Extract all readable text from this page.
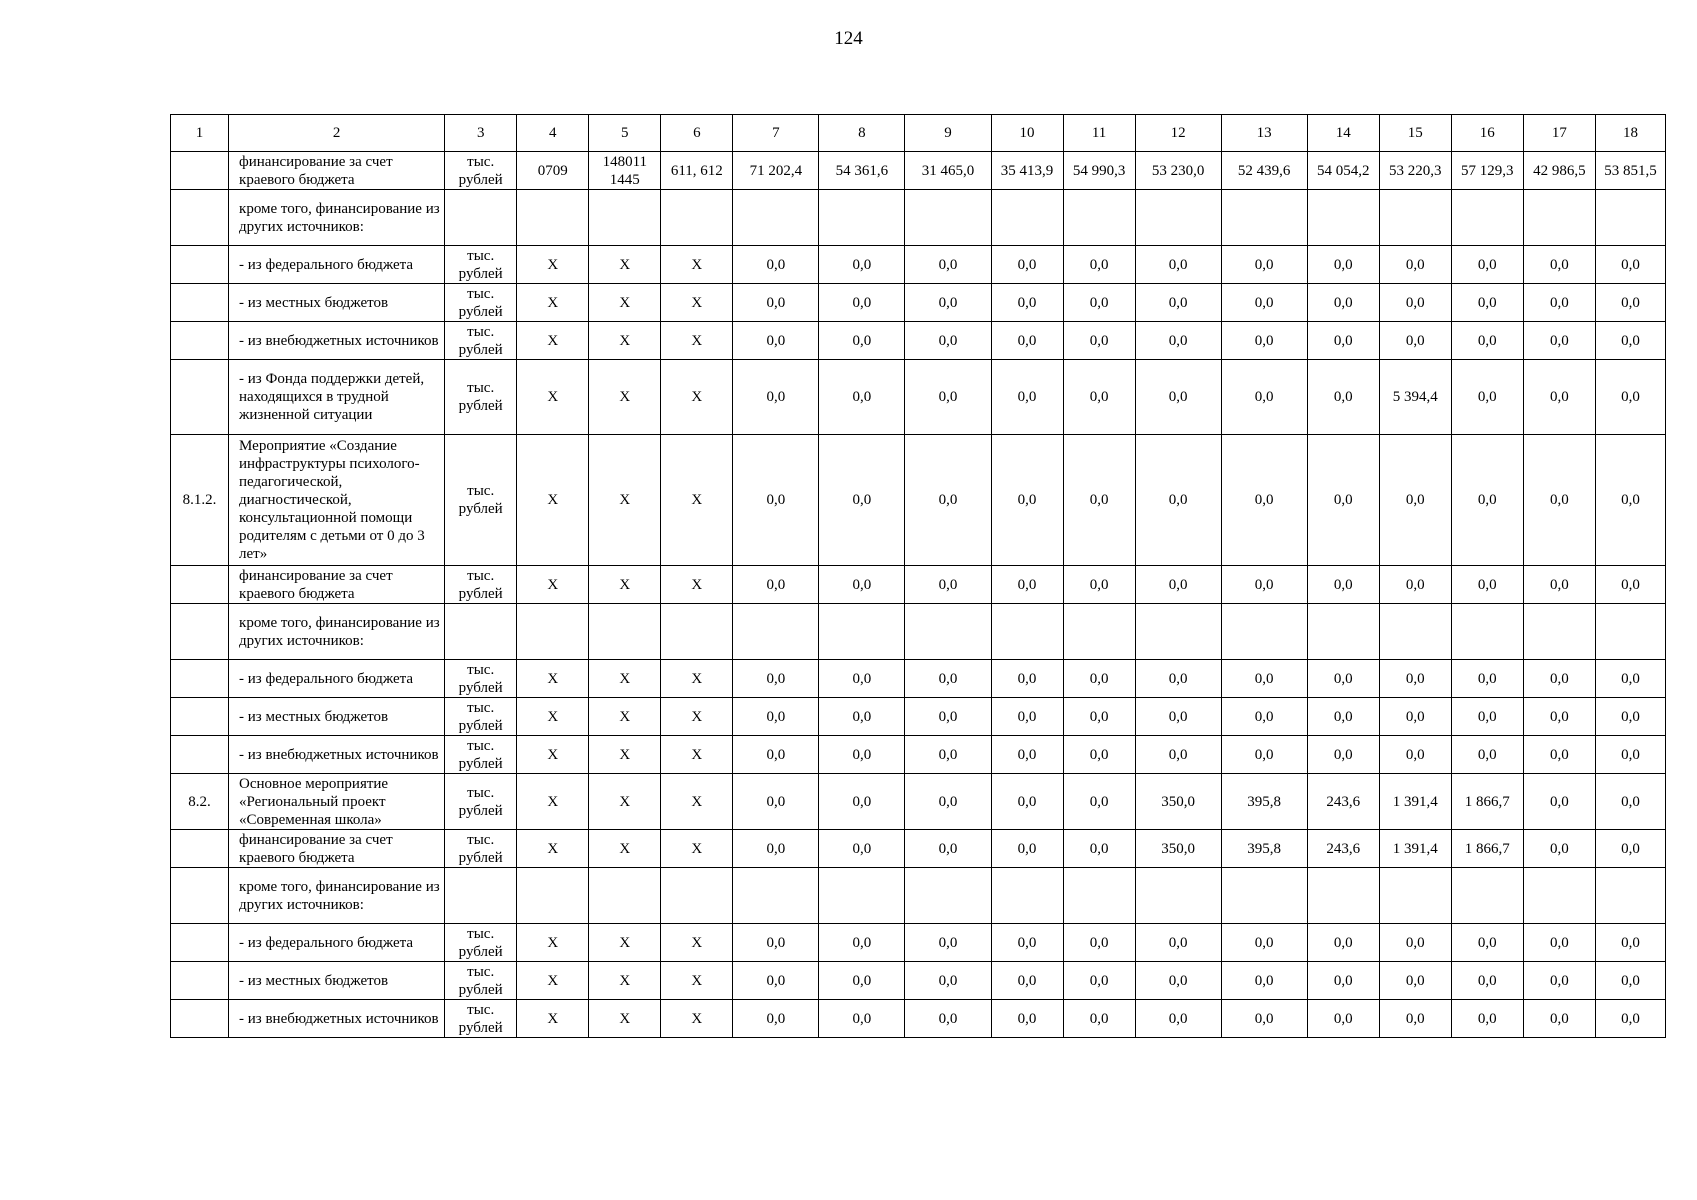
124
1	2	3	4	5	6	7	8	9	10	11	12	13	14	15	16	17	18
	финансирование за счет краевого бюджета	тыс. рублей	0709	148011 1445	611, 612	71 202,4	54 361,6	31 465,0	35 413,9	54 990,3	53 230,0	52 439,6	54 054,2	53 220,3	57 129,3	42 986,5	53 851,5
	кроме того, финансирование из других источников:																
	- из федерального бюджета	тыс. рублей	X	X	X	0,0	0,0	0,0	0,0	0,0	0,0	0,0	0,0	0,0	0,0	0,0	0,0
	- из местных бюджетов	тыс. рублей	X	X	X	0,0	0,0	0,0	0,0	0,0	0,0	0,0	0,0	0,0	0,0	0,0	0,0
	- из внебюджетных источников	тыс. рублей	X	X	X	0,0	0,0	0,0	0,0	0,0	0,0	0,0	0,0	0,0	0,0	0,0	0,0
	- из Фонда поддержки детей, находящихся в трудной жизненной ситуации	тыс. рублей	X	X	X	0,0	0,0	0,0	0,0	0,0	0,0	0,0	0,0	5 394,4	0,0	0,0	0,0
8.1.2.	Мероприятие «Создание инфраструктуры психолого-педагогической, диагностической, консультационной помощи родителям с детьми от 0 до 3 лет»	тыс. рублей	X	X	X	0,0	0,0	0,0	0,0	0,0	0,0	0,0	0,0	0,0	0,0	0,0	0,0
	финансирование за счет краевого бюджета	тыс. рублей	X	X	X	0,0	0,0	0,0	0,0	0,0	0,0	0,0	0,0	0,0	0,0	0,0	0,0
	кроме того, финансирование из других источников:																
	- из федерального бюджета	тыс. рублей	X	X	X	0,0	0,0	0,0	0,0	0,0	0,0	0,0	0,0	0,0	0,0	0,0	0,0
	- из местных бюджетов	тыс. рублей	X	X	X	0,0	0,0	0,0	0,0	0,0	0,0	0,0	0,0	0,0	0,0	0,0	0,0
	- из внебюджетных источников	тыс. рублей	X	X	X	0,0	0,0	0,0	0,0	0,0	0,0	0,0	0,0	0,0	0,0	0,0	0,0
8.2.	Основное мероприятие «Региональный проект «Современная школа»	тыс. рублей	X	X	X	0,0	0,0	0,0	0,0	0,0	350,0	395,8	243,6	1 391,4	1 866,7	0,0	0,0
	финансирование за счет краевого бюджета	тыс. рублей	X	X	X	0,0	0,0	0,0	0,0	0,0	350,0	395,8	243,6	1 391,4	1 866,7	0,0	0,0
	кроме того, финансирование из других источников:																
	- из федерального бюджета	тыс. рублей	X	X	X	0,0	0,0	0,0	0,0	0,0	0,0	0,0	0,0	0,0	0,0	0,0	0,0
	- из местных бюджетов	тыс. рублей	X	X	X	0,0	0,0	0,0	0,0	0,0	0,0	0,0	0,0	0,0	0,0	0,0	0,0
	- из внебюджетных источников	тыс. рублей	X	X	X	0,0	0,0	0,0	0,0	0,0	0,0	0,0	0,0	0,0	0,0	0,0	0,0
